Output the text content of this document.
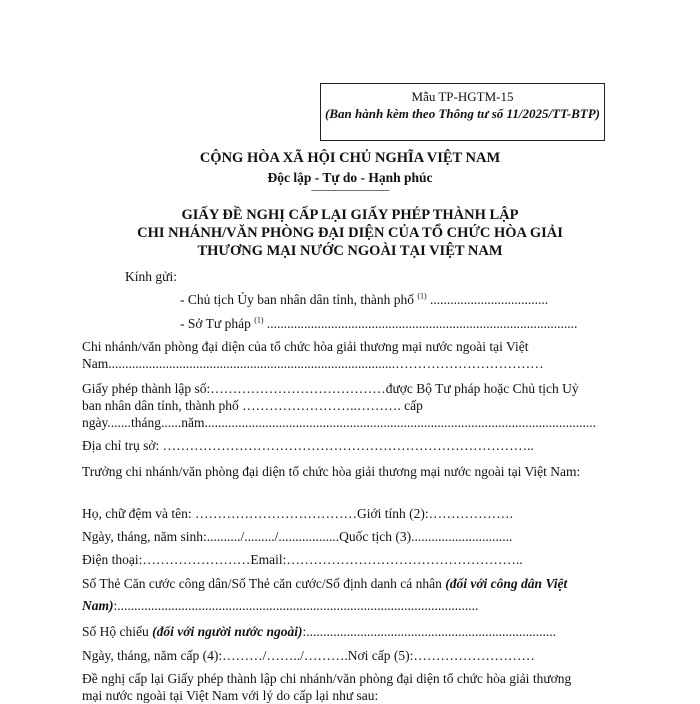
Mẫu TP-HGTM-15
(Ban hành kèm theo Thông tư số 11/2025/TT-BTP)
CỘNG HÒA XÃ HỘI CHỦ NGHĨA VIỆT NAM
Độc lập - Tự do - Hạnh phúc
———————
GIẤY ĐỀ NGHỊ CẤP LẠI GIẤY PHÉP THÀNH LẬP
CHI NHÁNH/VĂN PHÒNG ĐẠI DIỆN CỦA TỔ CHỨC HÒA GIẢI
THƯƠNG MẠI NƯỚC NGOÀI TẠI VIỆT NAM
Kính gửi:
- Chủ tịch Ủy ban nhân dân tỉnh, thành phố $^{(1)}$ ...................................
- Sở Tư pháp $^{(1)}$ ............................................................................................
Chi nhánh/văn phòng đại diện của tổ chức hòa giải thương mại nước ngoài tại Việt Nam.....................................................................................……………………………
Giấy phép thành lập số:…………………………………được Bộ Tư pháp hoặc Chủ tịch Uỷ ban nhân dân tỉnh, thành phố ……………………..………. cấp ngày.......tháng......năm....................................................................................................................
Địa chỉ trụ sở: ………………………………………………………………………..
Trưởng chi nhánh/văn phòng đại diện tổ chức hòa giải thương mại nước ngoài tại Việt Nam:
Họ, chữ đệm và tên: ………………………………Giới tính (2):……………….
Ngày, tháng, năm sinh:........../........./..................Quốc tịch (3)..............................
Điện thoại:……………………Email:……………………………………………..
Số Thẻ Căn cước công dân/Số Thẻ căn cước/Số định danh cá nhân (đối với công dân Việt Nam):...........................................................................................................
Số Hộ chiếu (đối với người nước ngoài):..........................................................................
Ngày, tháng, năm cấp (4):………/……../……….Nơi cấp (5):………………………
Đề nghị cấp lại Giấy phép thành lập chi nhánh/văn phòng đại diện tổ chức hòa giải thương mại nước ngoài tại Việt Nam với lý do cấp lại như sau:
